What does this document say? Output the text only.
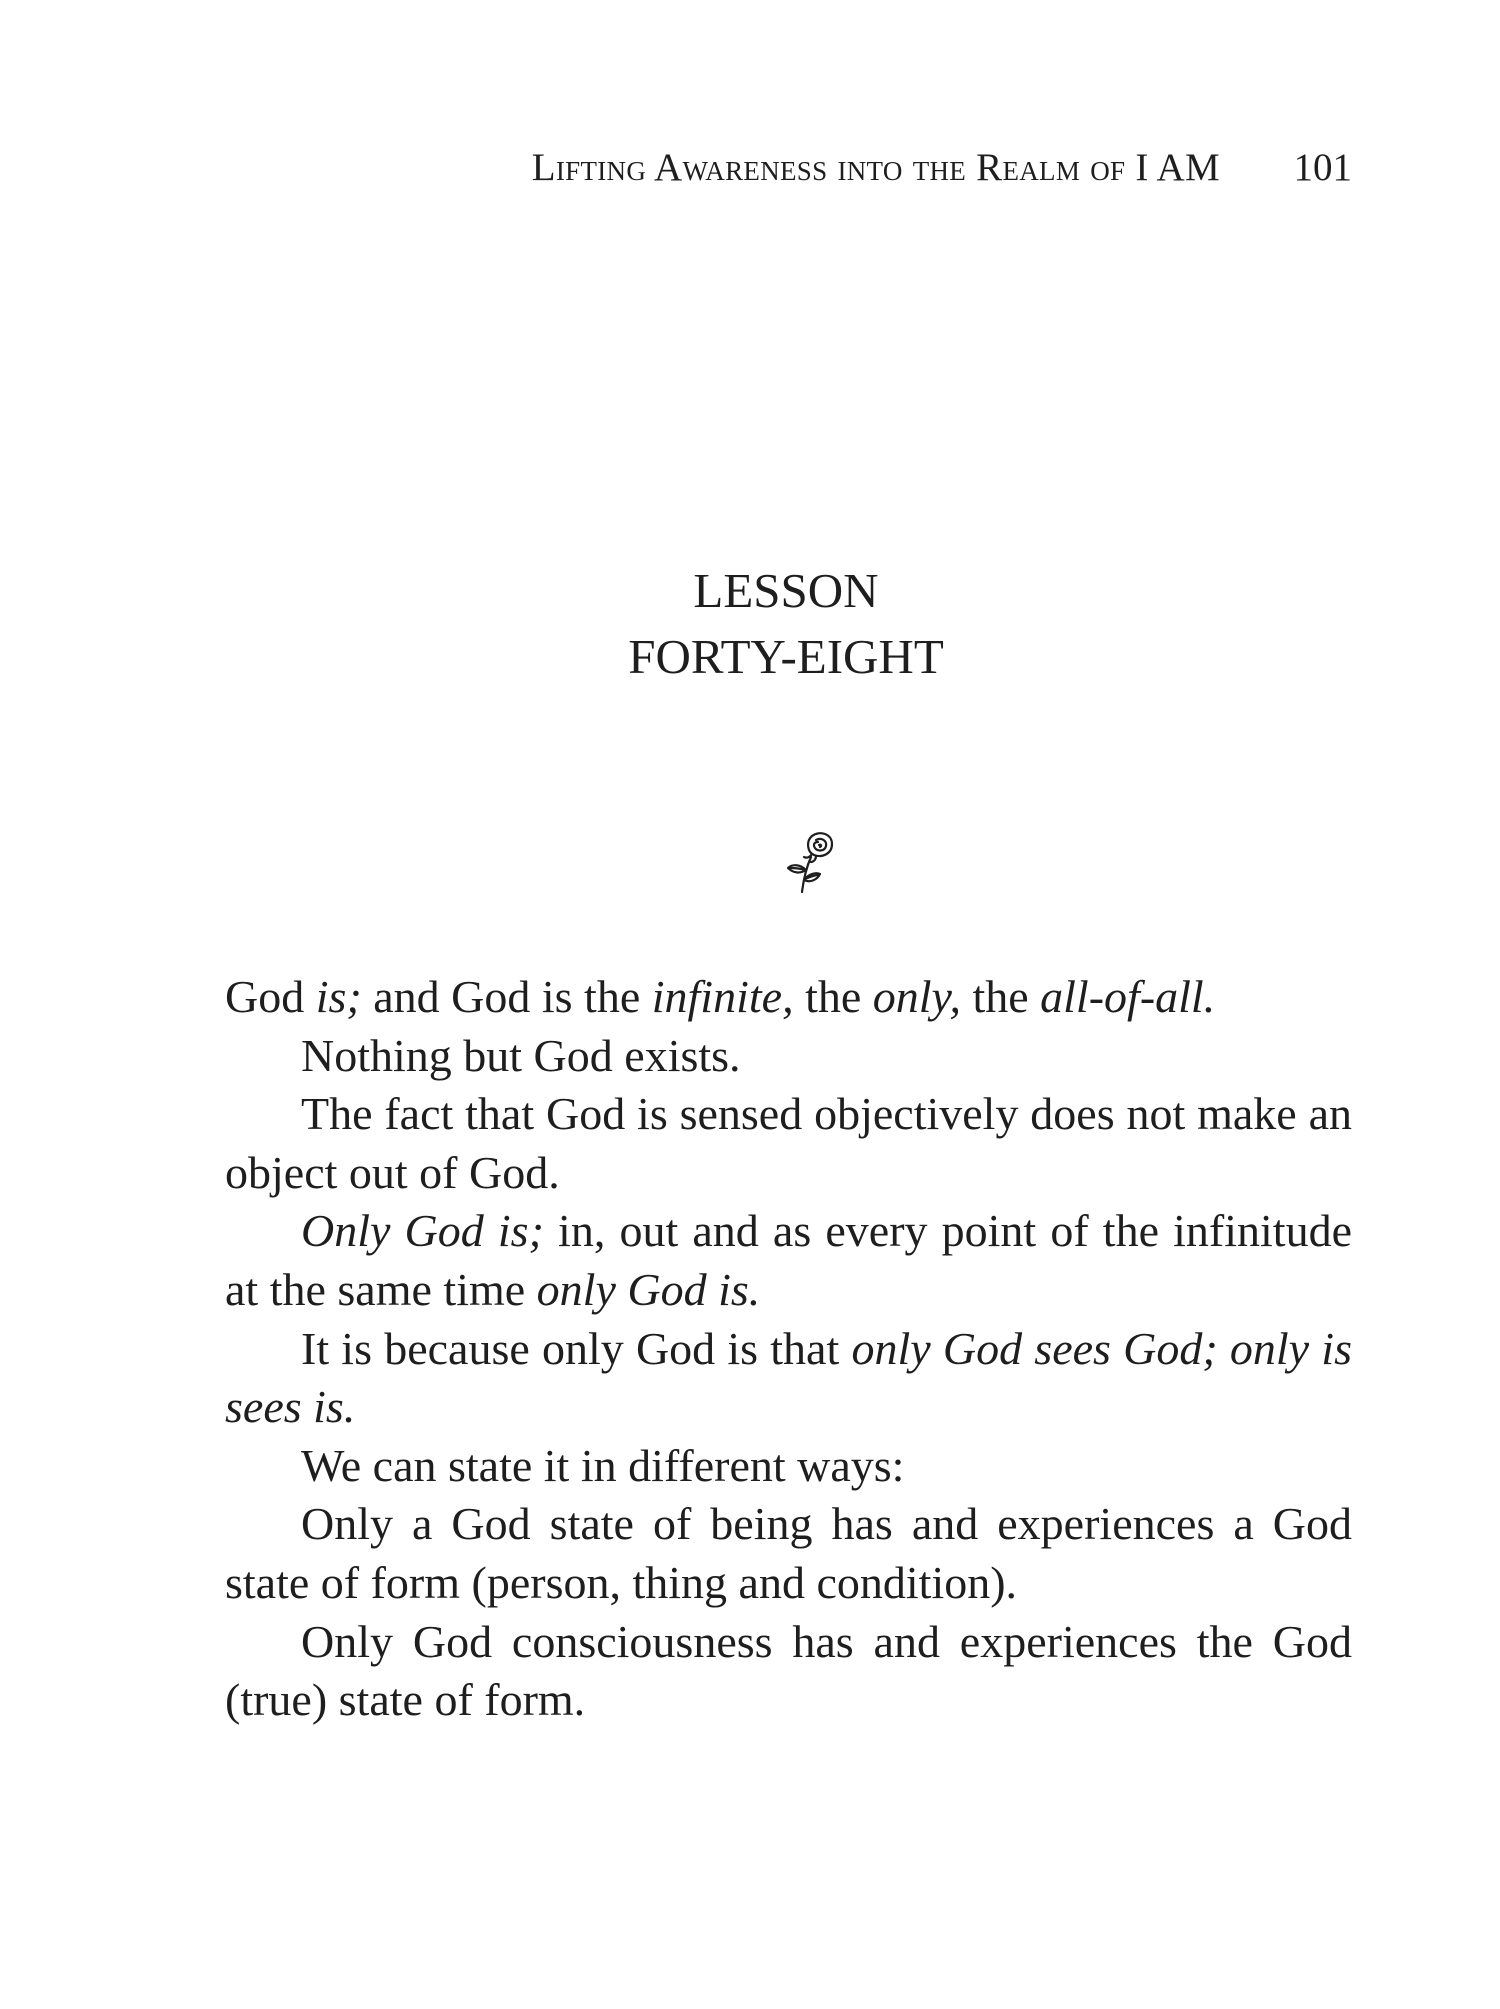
Lifting Awareness into the Realm of I AM 101
LESSON
FORTY-EIGHT

God is; and God is the infinite, the only, the all-of-all.

Nothing but God exists.

The fact that God is sensed objectively does not make an object out of God.

Only God is; in, out and as every point of the infinitude at the same time only God is.

It is because only God is that only God sees God; only is sees is.

We can state it in different ways:

Only a God state of being has and experiences a God state of form (person, thing and condition).

Only God consciousness has and experiences the God (true) state of form.
